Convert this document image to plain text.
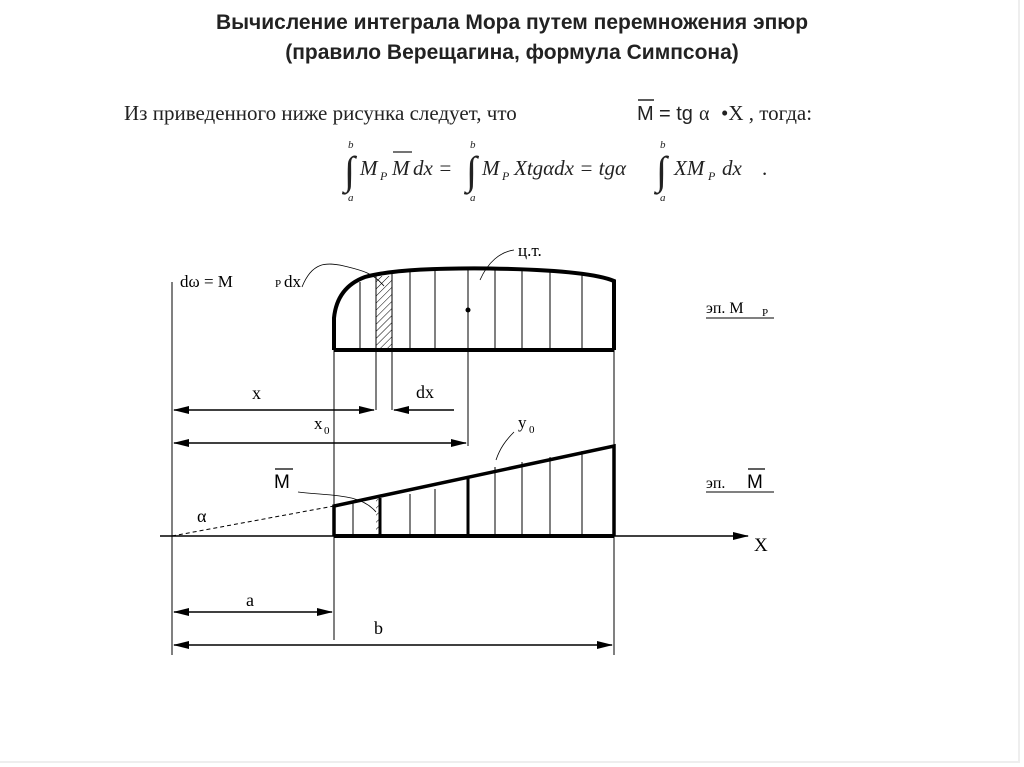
Вычисление интеграла Мора путем перемножения эпюр
(правило Верещагина, формула Симпсона)
Из приведенного ниже рисунка следует, что	M = tg α •X , тогда:
b
∫
a
M P M dx =
b
∫
a
M P Xtgαdx = tgα
b
∫
a
XM P dx .
dω = M	P dx
ц.т.
эп. M P
x	dx
x 0	y 0
M	эп. M
α
X
a
b
